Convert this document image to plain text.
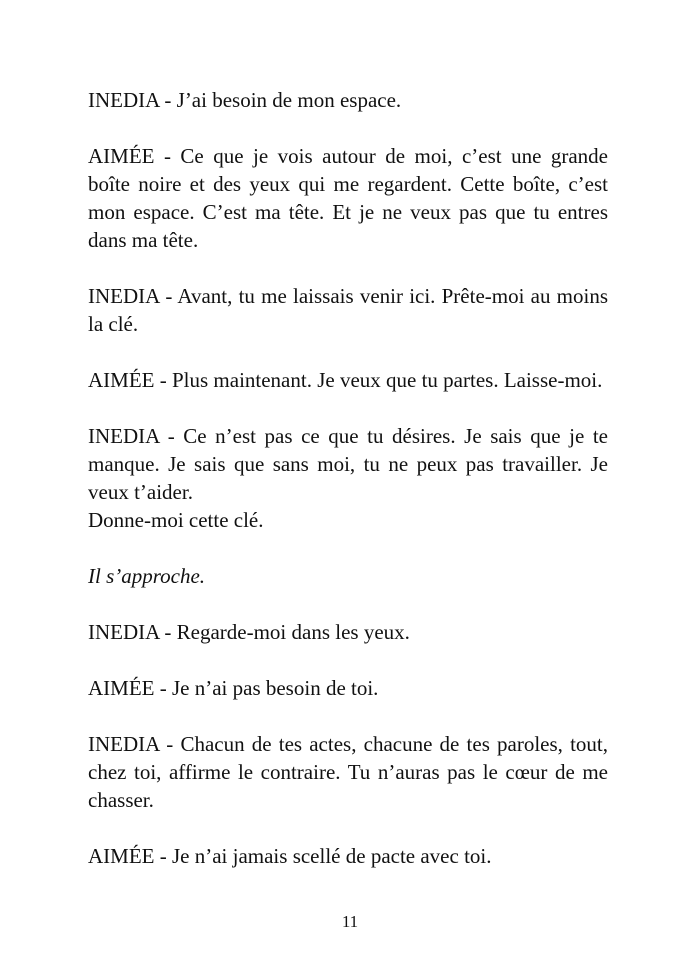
INEDIA - J’ai besoin de mon espace.

AIMÉE - Ce que je vois autour de moi, c’est une grande boîte noire et des yeux qui me regardent. Cette boîte, c’est mon espace. C’est ma tête. Et je ne veux pas que tu entres dans ma tête.

INEDIA - Avant, tu me laissais venir ici. Prête-moi au moins la clé.

AIMÉE - Plus maintenant. Je veux que tu partes. Laisse-moi.

INEDIA - Ce n’est pas ce que tu désires. Je sais que je te manque. Je sais que sans moi, tu ne peux pas travailler. Je veux t’aider.
Donne-moi cette clé.

Il s’approche.

INEDIA - Regarde-moi dans les yeux.

AIMÉE - Je n’ai pas besoin de toi.

INEDIA - Chacun de tes actes, chacune de tes paroles, tout, chez toi, affirme le contraire. Tu n’auras pas le cœur de me chasser.

AIMÉE - Je n’ai jamais scellé de pacte avec toi.

11
